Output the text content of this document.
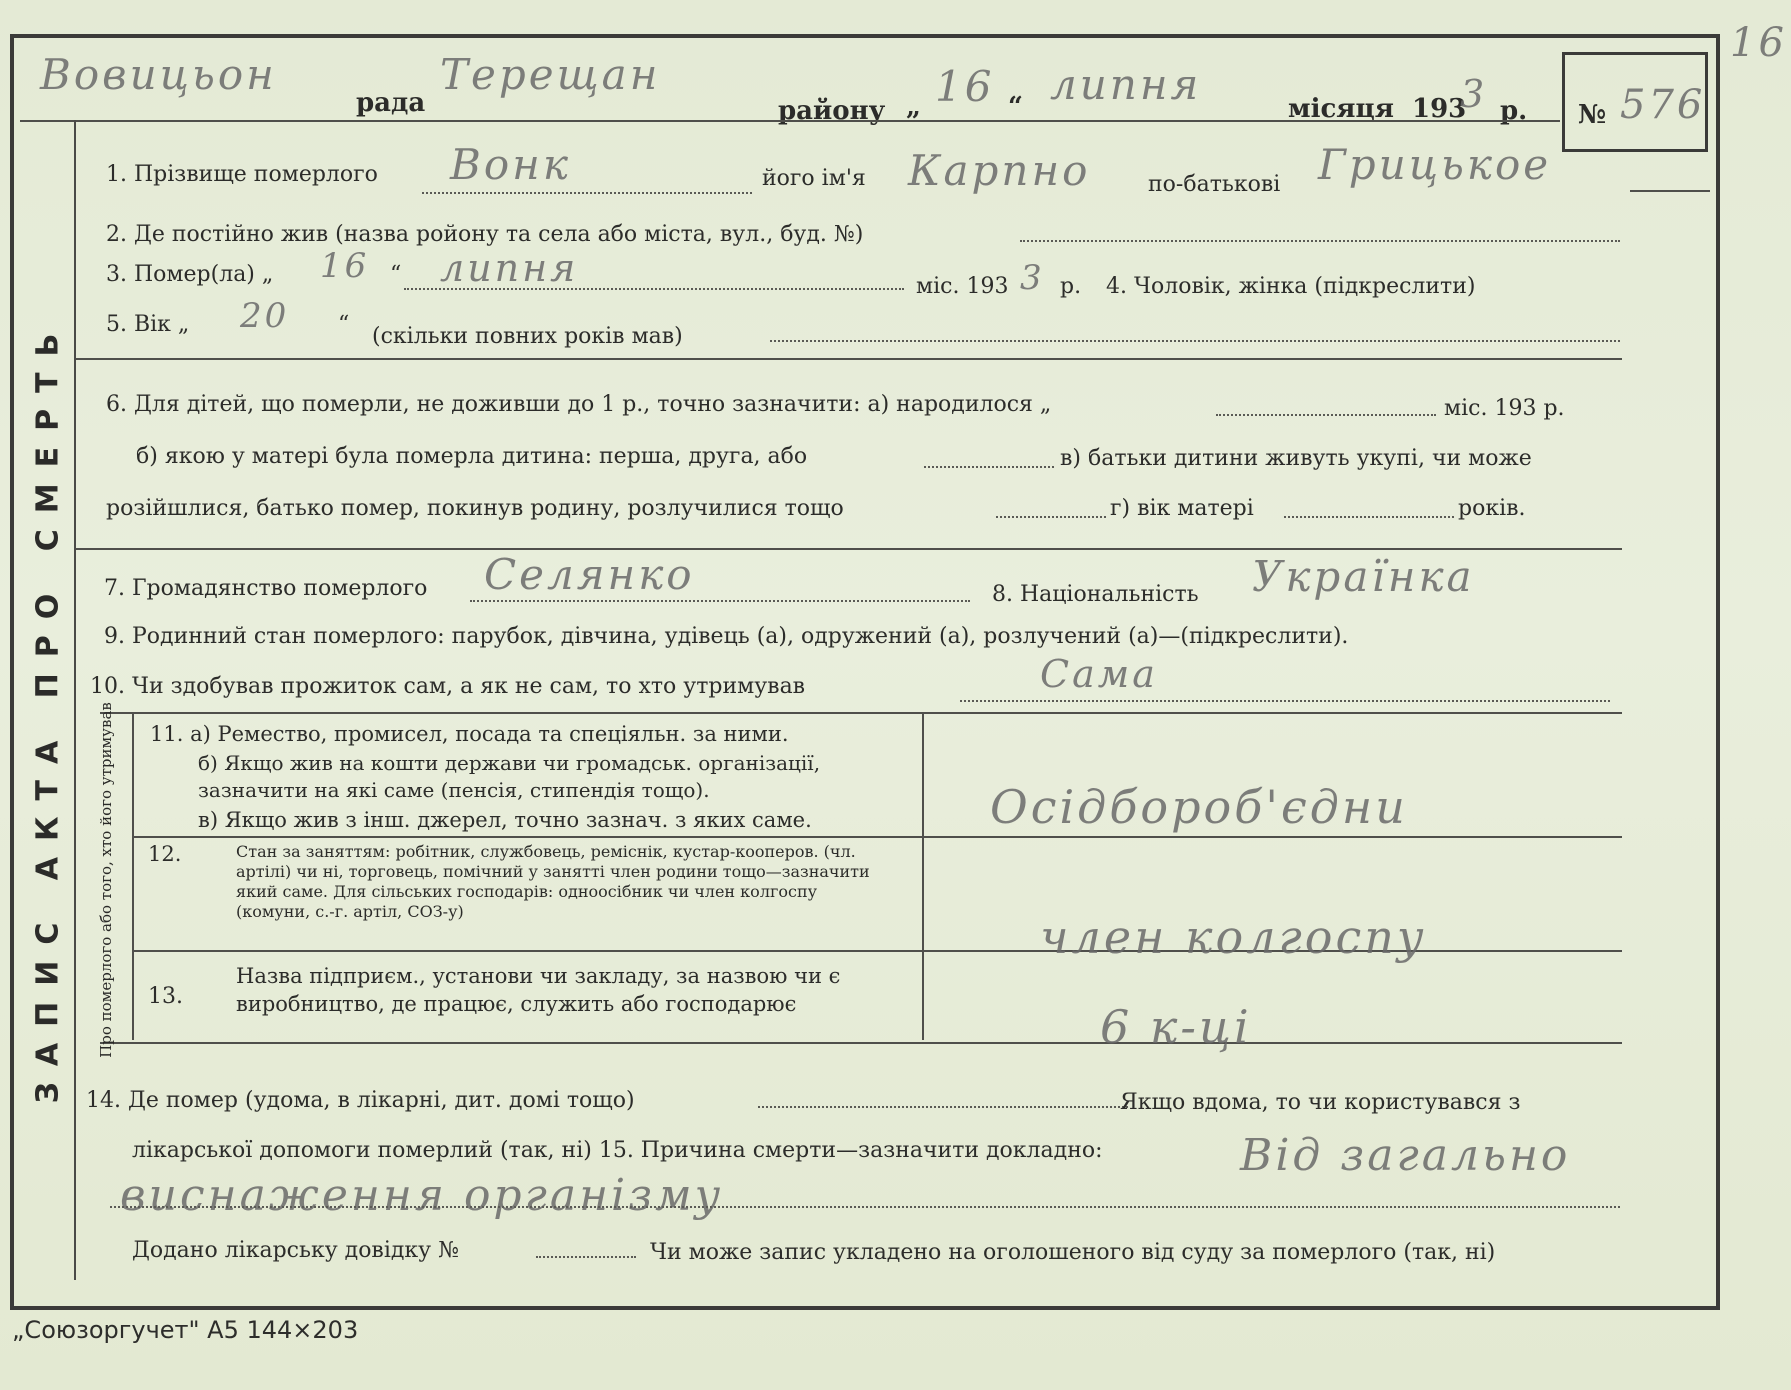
Вовицьон
рада
Терещан
району „ 16 “ липня	місяця 193
3 р. № 576
16
ЗАПИС АКТА ПРО СМЕРТЬ
1. Прізвище померлого Вонк	його ім'я Карпно	по-батькові Грицькое
2. Де постійно жив (назва ройону та села або міста, вул., буд. №)
3. Помер(ла) „ 16 “ липня	міс. 193 3 р. 4. Чоловік, жінка (підкреслити)
5. Вік „ 20 “ (скільки повних років мав)
6. Для дітей, що померли, не доживши до 1 р., точно зазначити: а) народилося „	міс. 193 р.
б) якою у матері була померла дитина: перша, друга, або	в) батьки дитини живуть укупі, чи може
розійшлися, батько помер, покинув родину, розлучилися тощо	г) вік матері	років.
7. Громадянство померлого Селянко	8. Національність Українка
9. Родинний стан померлого: парубок, дівчина, удівець (а), одружений (а), розлучений (а)—(підкреслити).
10. Чи здобував прожиток сам, а як не сам, то хто утримував	Сама
Про померлого або того, хто його утримував 11. а) Ремество, промисел, посада та спеціяльн. за ними.
б) Якщо жив на кошти держави чи громадськ. організації, зазначити на які саме (пенсія, стипендія тощо).
в) Якщо жив з інш. джерел, точно зазнач. з яких саме.	Осідбороб'єдни
12.	Стан за заняттям: робітник, службовець, реміснік, кустар-кооперов. (чл. артілі) чи ні, торговець, помічний у занятті член родини тощо—зазначити який саме. Для сільських господарів: одноосібник чи член колгоспу (комуни, с.-г. артіл, СОЗ-у)	член колгоспу
13.
Назва підприєм., установи чи закладу, за назвою чи є виробництво, де працює, служить або господарює	6 к-ці
14. Де помер (удома, в лікарні, дит. домі тощо)	Якщо вдома, то чи користувався з
лікарської допомоги померлий (так, ні) 15. Причина смерти—зазначити докладно:	Від загально
виснаження організму
Додано лікарську довідку №	Чи може запис укладено на оголошеного від суду за померлого (так, ні)
„Союзоргучет" А5 144×203
